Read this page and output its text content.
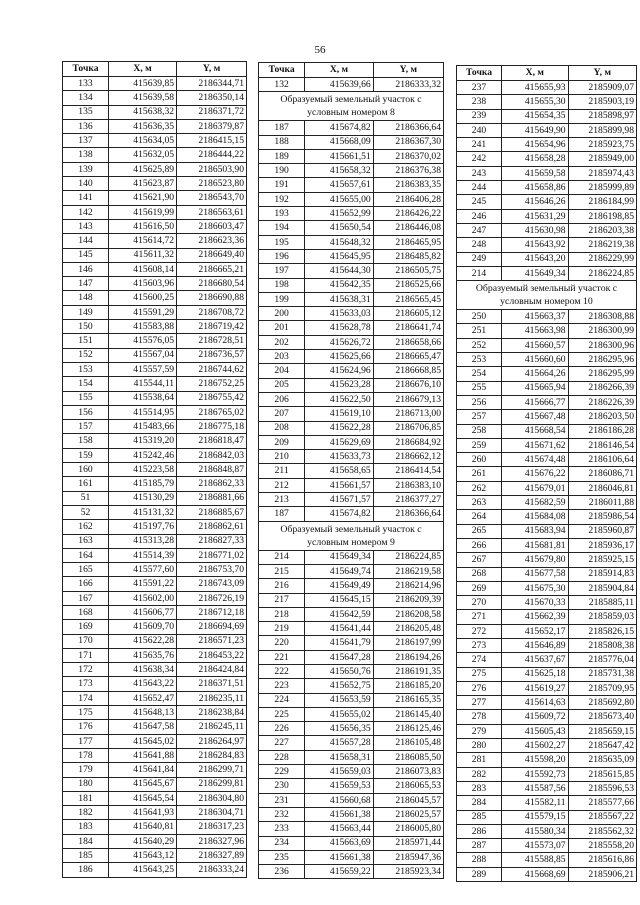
56
Точка	X, м	Y, м
133	415639,85	2186344,71
134	415639,58	2186350,14
135	415638,32	2186371,72
136	415636,35	2186379,87
137	415634,05	2186415,15
138	415632,05	2186444,22
139	415625,89	2186503,90
140	415623,87	2186523,80
141	415621,90	2186543,70
142	415619,99	2186563,61
143	415616,50	2186603,47
144	415614,72	2186623,36
145	415611,32	2186649,40
146	415608,14	2186665,21
147	415603,96	2186680,54
148	415600,25	2186690,88
149	415591,29	2186708,72
150	415583,88	2186719,42
151	415576,05	2186728,51
152	415567,04	2186736,57
153	415557,59	2186744,62
154	415544,11	2186752,25
155	415538,64	2186755,42
156	415514,95	2186765,02
157	415483,66	2186775,18
158	415319,20	2186818,47
159	415242,46	2186842,03
160	415223,58	2186848,87
161	415185,79	2186862,33
51	415130,29	2186881,66
52	415131,32	2186885,67
162	415197,76	2186862,61
163	415313,28	2186827,33
164	415514,39	2186771,02
165	415577,60	2186753,70
166	415591,22	2186743,09
167	415602,00	2186726,19
168	415606,77	2186712,18
169	415609,70	2186694,69
170	415622,28	2186571,23
171	415635,76	2186453,22
172	415638,34	2186424,84
173	415643,22	2186371,51
174	415652,47	2186235,11
175	415648,13	2186238,84
176	415647,58	2186245,11
177	415645,02	2186264,97
178	415641,88	2186284,83
179	415641,84	2186299,71
180	415645,67	2186299,81
181	415645,54	2186304,80
182	415641,93	2186304,71
183	415640,81	2186317,23
184	415640,29	2186327,96
185	415643,12	2186327,89
186	415643,25	2186333,24
Точка	X, м	Y, м
132	415639,66	2186333,32
Образуемый земельный участок с условным номером 8		
187	415674,82	2186366,64
188	415668,09	2186367,30
189	415661,51	2186370,02
190	415658,32	2186376,38
191	415657,61	2186383,35
192	415655,00	2186406,28
193	415652,99	2186426,22
194	415650,54	2186446,08
195	415648,32	2186465,95
196	415645,95	2186485,82
197	415644,30	2186505,75
198	415642,35	2186525,66
199	415638,31	2186565,45
200	415633,03	2186605,12
201	415628,78	2186641,74
202	415626,72	2186658,66
203	415625,66	2186665,47
204	415624,96	2186668,85
205	415623,28	2186676,10
206	415622,50	2186679,13
207	415619,10	2186713,00
208	415622,28	2186706,85
209	415629,69	2186684,92
210	415633,73	2186662,12
211	415658,65	2186414,54
212	415661,57	2186383,10
213	415671,57	2186377,27
187	415674,82	2186366,64
Образуемый земельный участок с условным номером 9		
214	415649,34	2186224,85
215	415649,74	2186219,58
216	415649,49	2186214,96
217	415645,15	2186209,39
218	415642,59	2186208,58
219	415641,44	2186205,48
220	415641,79	2186197,99
221	415647,28	2186194,26
222	415650,76	2186191,35
223	415652,75	2186185,20
224	415653,59	2186165,35
225	415655,02	2186145,40
226	415656,35	2186125,46
227	415657,28	2186105,48
228	415658,31	2186085,50
229	415659,03	2186073,83
230	415659,53	2186065,53
231	415660,68	2186045,57
232	415661,38	2186025,57
233	415663,44	2186005,80
234	415663,69	2185971,44
235	415661,38	2185947,36
236	415659,22	2185923,34
Точка	X, м	Y, м
237	415655,93	2185909,07
238	415655,30	2185903,19
239	415654,35	2185898,97
240	415649,90	2185899,98
241	415654,96	2185923,75
242	415658,28	2185949,00
243	415659,58	2185974,43
244	415658,86	2185999,89
245	415646,26	2186184,99
246	415631,29	2186198,85
247	415630,98	2186203,38
248	415643,92	2186219,38
249	415643,20	2186229,99
214	415649,34	2186224,85
Образуемый земельный участок с условным номером 10		
250	415663,37	2186308,88
251	415663,98	2186300,99
252	415660,57	2186300,96
253	415660,60	2186295,96
254	415664,26	2186295,99
255	415665,94	2186266,39
256	415666,77	2186226,39
257	415667,48	2186203,50
258	415668,54	2186186,28
259	415671,62	2186146,54
260	415674,48	2186106,64
261	415676,22	2186086,71
262	415679,01	2186046,81
263	415682,59	2186011,88
264	415684,08	2185986,54
265	415683,94	2185960,87
266	415681,81	2185936,17
267	415679,80	2185925,15
268	415677,58	2185914,83
269	415675,30	2185904,84
270	415670,33	2185885,11
271	415662,39	2185859,03
272	415652,17	2185826,15
273	415646,89	2185808,38
274	415637,67	2185776,04
275	415625,18	2185731,38
276	415619,27	2185709,95
277	415614,63	2185692,80
278	415609,72	2185673,40
279	415605,43	2185659,15
280	415602,27	2185647,42
281	415598,20	2185635,09
282	415592,73	2185615,85
283	415587,56	2185596,53
284	415582,11	2185577,66
285	415579,15	2185567,22
286	415580,34	2185562,32
287	415573,07	2185558,20
288	415588,85	2185616,86
289	415668,69	2185906,21
